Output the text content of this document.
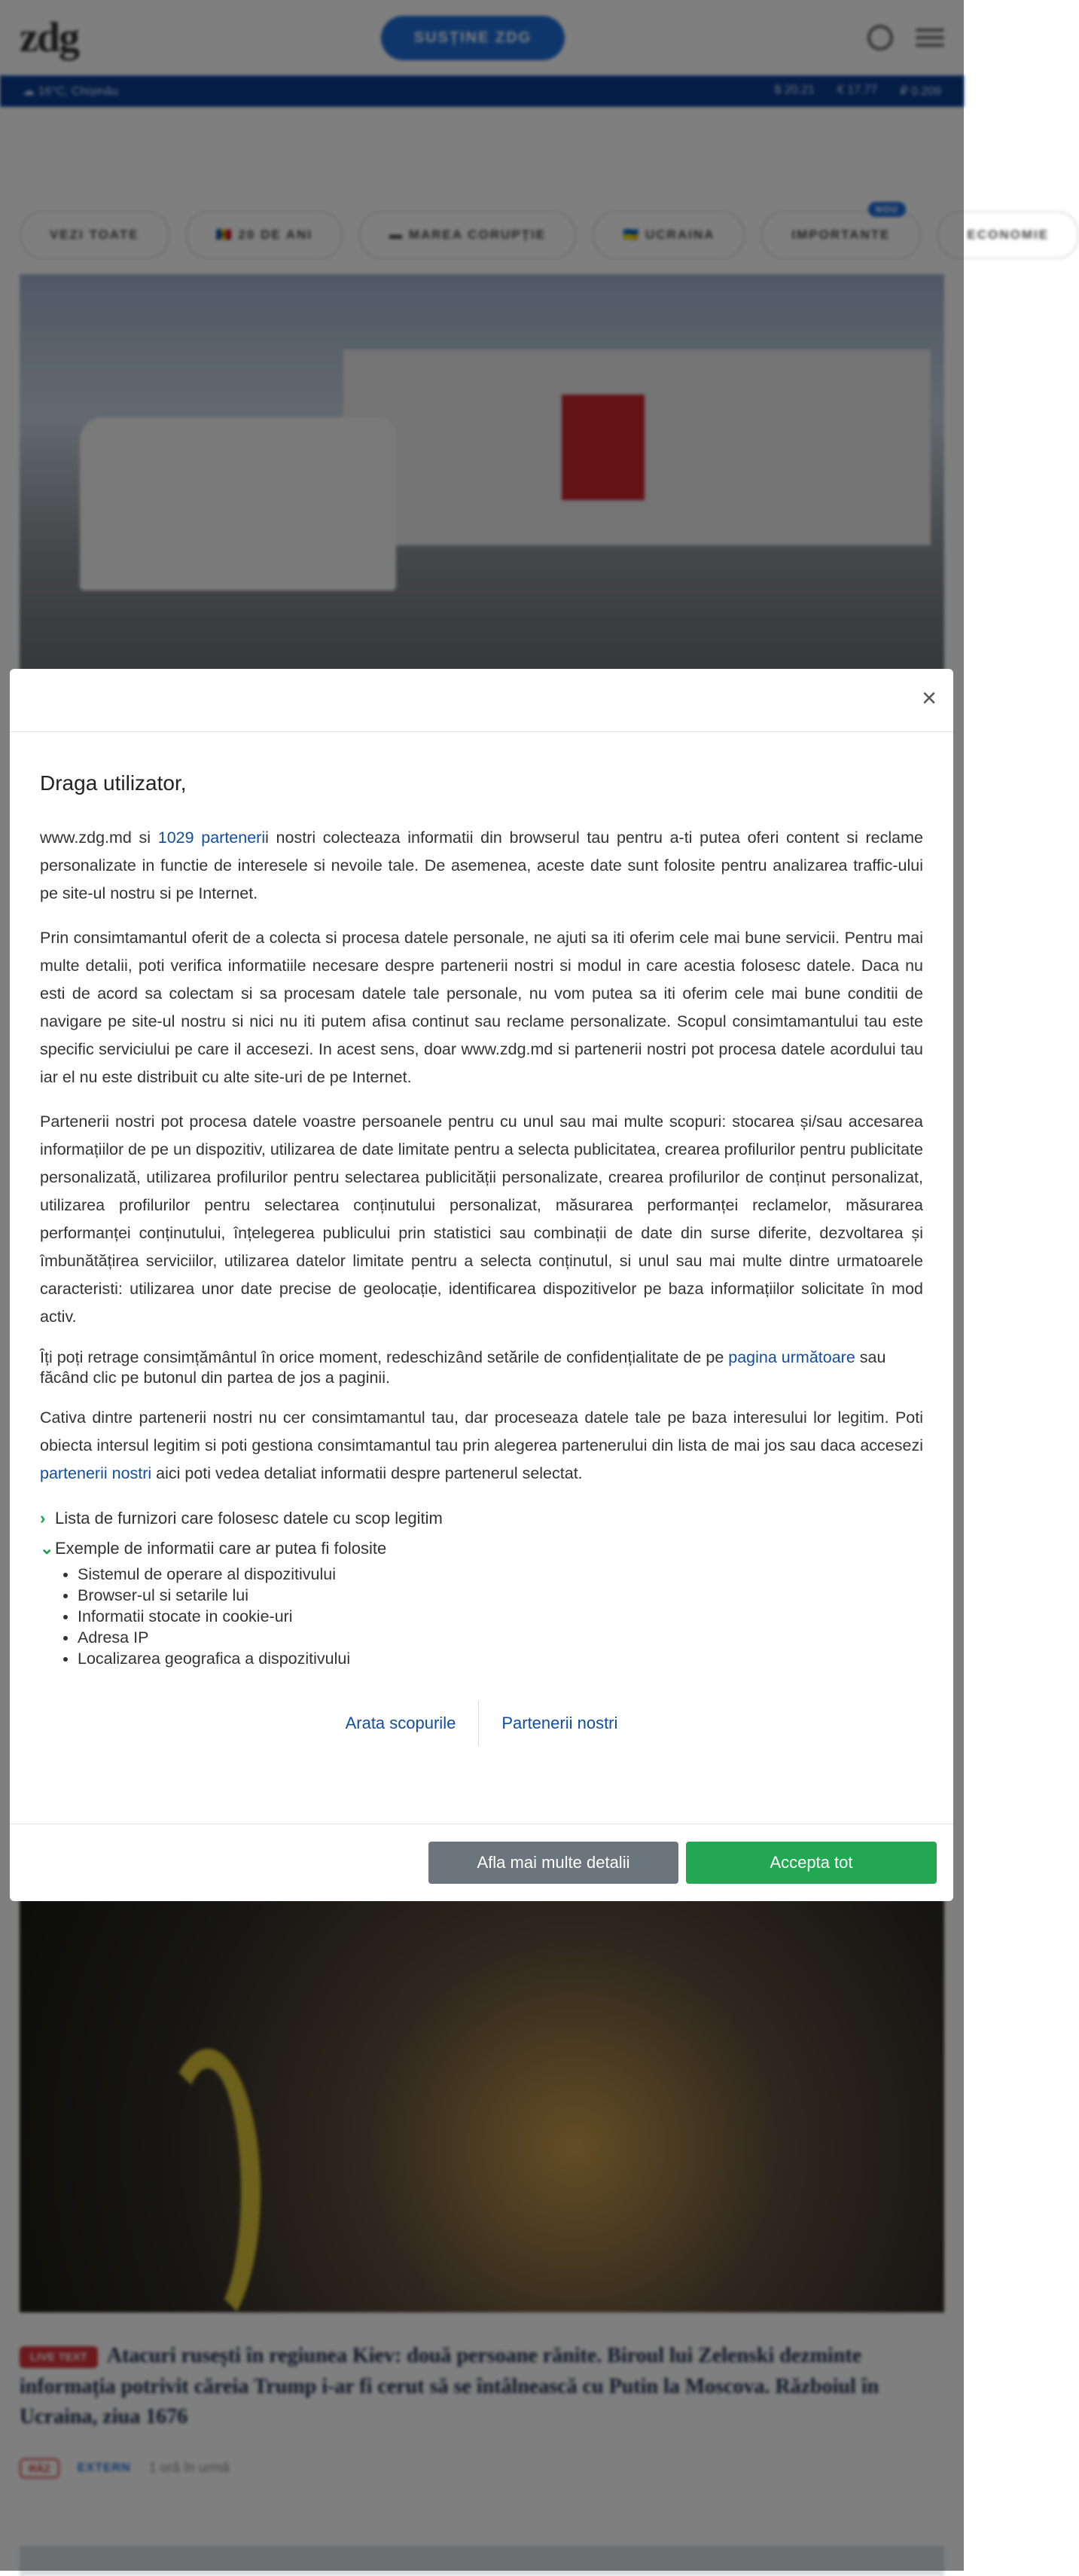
ECONOMIE
×
Draga utilizator,

www.zdg.md si 1029 partenerii nostri colecteaza informatii din browserul tau pentru a-ti putea oferi content si reclame personalizate in functie de interesele si nevoile tale. De asemenea, aceste date sunt folosite pentru analizarea traffic-ului pe site-ul nostru si pe Internet.

Prin consimtamantul oferit de a colecta si procesa datele personale, ne ajuti sa iti oferim cele mai bune servicii. Pentru mai multe detalii, poti verifica informatiile necesare despre partenerii nostri si modul in care acestia folosesc datele. Daca nu esti de acord sa colectam si sa procesam datele tale personale, nu vom putea sa iti oferim cele mai bune conditii de navigare pe site-ul nostru si nici nu iti putem afisa continut sau reclame personalizate. Scopul consimtamantului tau este specific serviciului pe care il accesezi. In acest sens, doar www.zdg.md si partenerii nostri pot procesa datele acordului tau iar el nu este distribuit cu alte site-uri de pe Internet.

Partenerii nostri pot procesa datele voastre persoanele pentru cu unul sau mai multe scopuri: stocarea și/sau accesarea informațiilor de pe un dispozitiv, utilizarea de date limitate pentru a selecta publicitatea, crearea profilurilor pentru publicitate personalizată, utilizarea profilurilor pentru selectarea publicității personalizate, crearea profilurilor de conținut personalizat, utilizarea profilurilor pentru selectarea conținutului personalizat, măsurarea performanței reclamelor, măsurarea performanței conținutului, înțelegerea publicului prin statistici sau combinații de date din surse diferite, dezvoltarea și îmbunătățirea serviciilor, utilizarea datelor limitate pentru a selecta conținutul, si unul sau mai multe dintre urmatoarele caracteristi: utilizarea unor date precise de geolocație, identificarea dispozitivelor pe baza informațiilor solicitate în mod activ.

Îți poți retrage consimțământul în orice moment, redeschizând setările de confidențialitate de pe pagina următoare sau făcând clic pe butonul din partea de jos a paginii.

Cativa dintre partenerii nostri nu cer consimtamantul tau, dar proceseaza datele tale pe baza interesului lor legitim. Poti obiecta intersul legitim si poti gestiona consimtamantul tau prin alegerea partenerului din lista de mai jos sau daca accesezi partenerii nostri aici poti vedea detaliat informatii despre partenerul selectat.

› Lista de furnizori care folosesc datele cu scop legitim
⌄Exemple de informatii care ar putea fi folosite
• Sistemul de operare al dispozitivului
• Browser-ul si setarile lui
• Informatii stocate in cookie-uri
• Adresa IP
• Localizarea geografica a dispozitivului
Arata scopurile	Partenerii nostri
Afla mai multe detalii	Accepta tot
